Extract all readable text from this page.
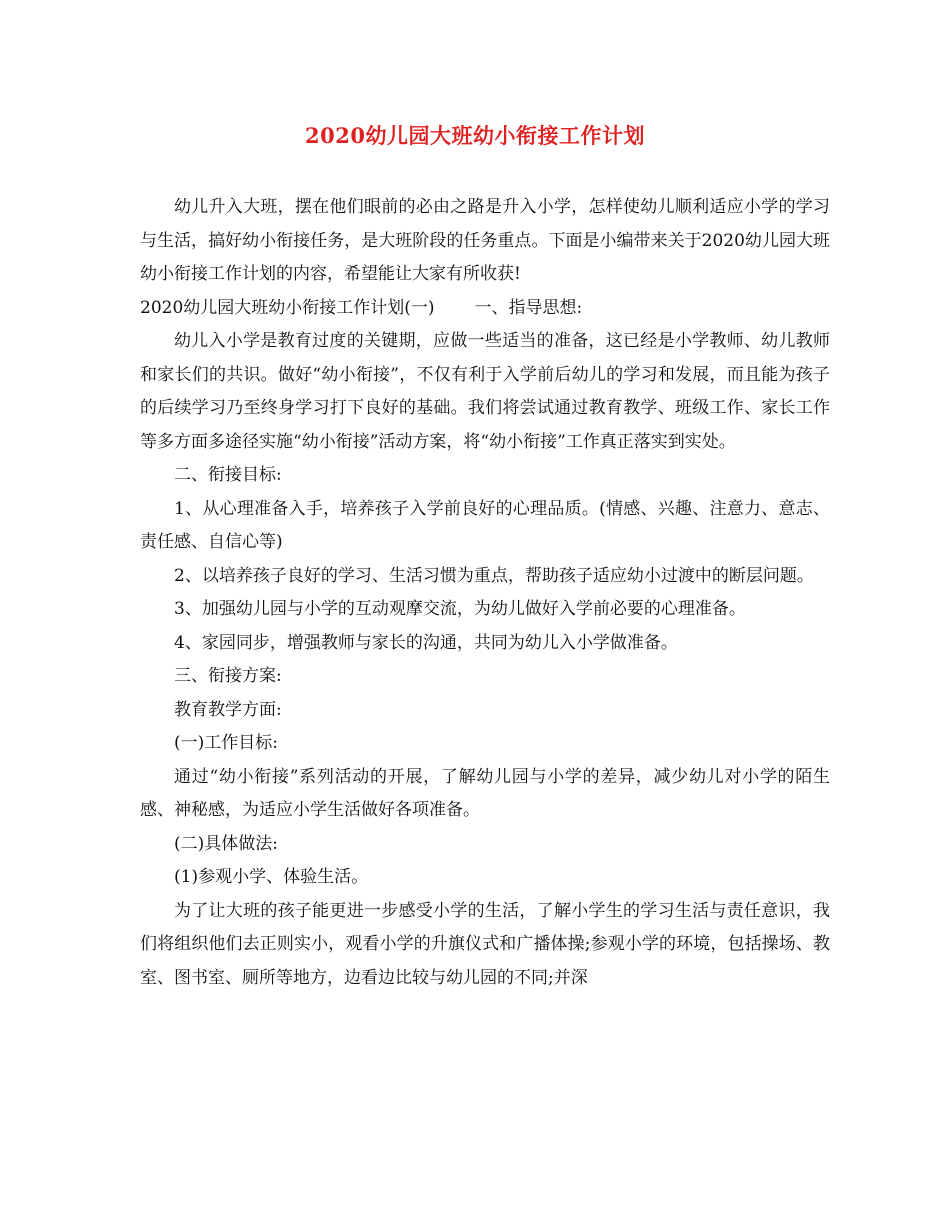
2020幼儿园大班幼小衔接工作计划

幼儿升入大班，摆在他们眼前的必由之路是升入小学，怎样使幼儿顺利适应小学的学习与生活，搞好幼小衔接任务，是大班阶段的任务重点。下面是小编带来关于2020幼儿园大班幼小衔接工作计划的内容，希望能让大家有所收获!

2020幼儿园大班幼小衔接工作计划(一) 一、指导思想:

幼儿入小学是教育过度的关键期，应做一些适当的准备，这已经是小学教师、幼儿教师和家长们的共识。做好“幼小衔接”，不仅有利于入学前后幼儿的学习和发展，而且能为孩子的后续学习乃至终身学习打下良好的基础。我们将尝试通过教育教学、班级工作、家长工作等多方面多途径实施“幼小衔接”活动方案，将“幼小衔接”工作真正落实到实处。

二、衔接目标:

1、从心理准备入手，培养孩子入学前良好的心理品质。(情感、兴趣、注意力、意志、责任感、自信心等)

2、以培养孩子良好的学习、生活习惯为重点，帮助孩子适应幼小过渡中的断层问题。

3、加强幼儿园与小学的互动观摩交流，为幼儿做好入学前必要的心理准备。

4、家园同步，增强教师与家长的沟通，共同为幼儿入小学做准备。

三、衔接方案:

教育教学方面:

(一)工作目标:

通过“幼小衔接”系列活动的开展，了解幼儿园与小学的差异，减少幼儿对小学的陌生感、神秘感，为适应小学生活做好各项准备。

(二)具体做法:

(1)参观小学、体验生活。

为了让大班的孩子能更进一步感受小学的生活，了解小学生的学习生活与责任意识，我们将组织他们去正则实小，观看小学的升旗仪式和广播体操;参观小学的环境，包括操场、教室、图书室、厕所等地方，边看边比较与幼儿园的不同;并深
